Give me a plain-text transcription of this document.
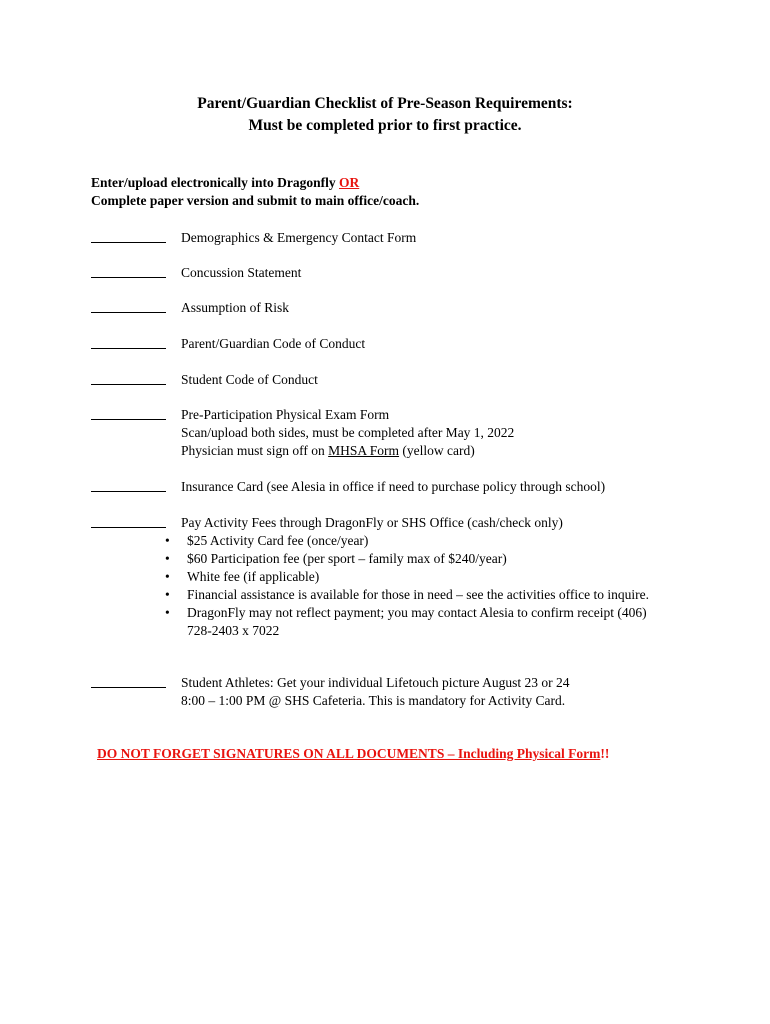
Parent/Guardian Checklist of Pre-Season Requirements:
Must be completed prior to first practice.
Enter/upload electronically into Dragonfly OR
Complete paper version and submit to main office/coach.
Demographics & Emergency Contact Form
Concussion Statement
Assumption of Risk
Parent/Guardian Code of Conduct
Student Code of Conduct
Pre-Participation Physical Exam Form
Scan/upload both sides, must be completed after May 1, 2022
Physician must sign off on MHSA Form (yellow card)
Insurance Card (see Alesia in office if need to purchase policy through school)
Pay Activity Fees through DragonFly or SHS Office (cash/check only)
• $25 Activity Card fee (once/year)
• $60 Participation fee (per sport – family max of $240/year)
• White fee (if applicable)
• Financial assistance is available for those in need – see the activities office to inquire.
• DragonFly may not reflect payment; you may contact Alesia to confirm receipt (406) 728-2403 x 7022
Student Athletes: Get your individual Lifetouch picture August 23 or 24
8:00 – 1:00 PM @ SHS Cafeteria. This is mandatory for Activity Card.
DO NOT FORGET SIGNATURES ON ALL DOCUMENTS – Including Physical Form!!
